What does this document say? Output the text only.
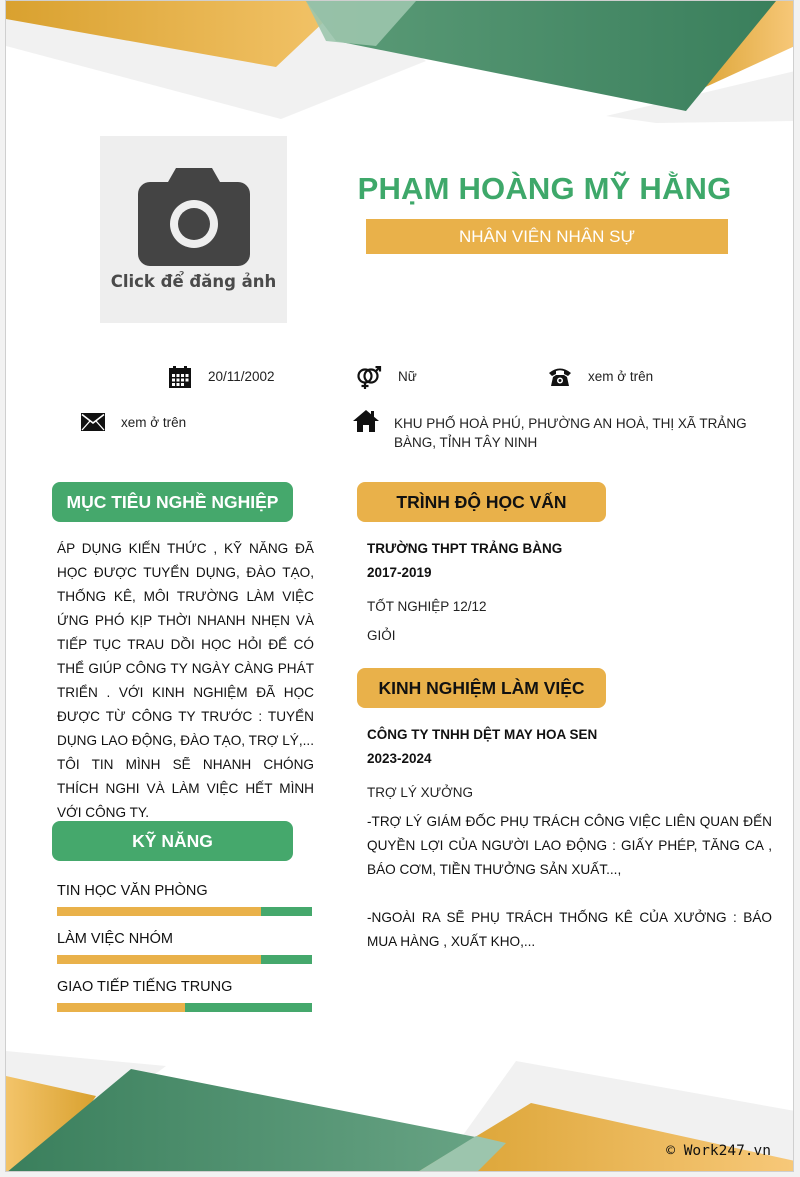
Click để đăng ảnh
PHẠM HOÀNG MỸ HẰNG
NHÂN VIÊN NHÂN SỰ
20/11/2002	Nữ	xem ở trên
xem ở trên	KHU PHỐ HOÀ PHÚ, PHƯỜNG AN HOÀ, THỊ XÃ TRẢNG BÀNG, TỈNH TÂY NINH
MỤC TIÊU NGHỀ NGHIỆP
ÁP DỤNG KIẾN THỨC , KỸ NĂNG ĐÃ HỌC ĐƯỢC TUYỂN DỤNG, ĐÀO TẠO, THỐNG KÊ, MÔI TRƯỜNG LÀM VIỆC ỨNG PHÓ KỊP THỜI NHANH NHẸN VÀ TIẾP TỤC TRAU DỒI HỌC HỎI ĐỂ CÓ THỂ GIÚP CÔNG TY NGÀY CÀNG PHÁT TRIỂN . VỚI KINH NGHIỆM ĐÃ HỌC ĐƯỢC TỪ CÔNG TY TRƯỚC : TUYỂN DỤNG LAO ĐỘNG, ĐÀO TẠO, TRỢ LÝ,... TÔI TIN MÌNH SẼ NHANH CHÓNG THÍCH NGHI VÀ LÀM VIỆC HẾT MÌNH VỚI CÔNG TY.
KỸ NĂNG
TIN HỌC VĂN PHÒNG
LÀM VIỆC NHÓM
GIAO TIẾP TIẾNG TRUNG
TRÌNH ĐỘ HỌC VẤN
TRƯỜNG THPT TRẢNG BÀNG
2017-2019
TỐT NGHIỆP 12/12
GIỎI
KINH NGHIỆM LÀM VIỆC
CÔNG TY TNHH DỆT MAY HOA SEN
2023-2024
TRỢ LÝ XƯỞNG
-TRỢ LÝ GIÁM ĐỐC PHỤ TRÁCH CÔNG VIỆC LIÊN QUAN ĐẾN QUYỀN LỢI CỦA NGƯỜI LAO ĐỘNG : GIẤY PHÉP, TĂNG CA , BÁO CƠM, TIỀN THƯỞNG SẢN XUẤT...,
-NGOÀI RA SẼ PHỤ TRÁCH THỐNG KÊ CỦA XƯỞNG : BÁO MUA HÀNG , XUẤT KHO,...
© Work247.vn
